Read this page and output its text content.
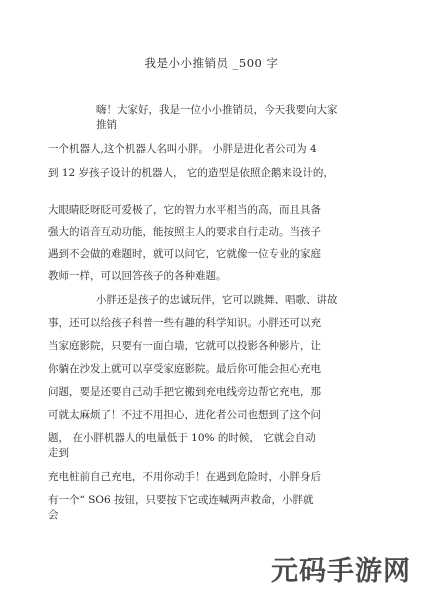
我是小小推销员 _500 字
嗨！大家好，我是一位小小推销员，今天我要向大家
推销
一个机器人,这个机器人名叫小胖。 小胖是进化者公司为 4
到 12 岁孩子设计的机器人， 它的造型是依照企鹅来设计的，
大眼睛眨呀眨可爱极了，它的智力水平相当的高，而且具备
强大的语音互动功能，能按照主人的要求自行走动。当孩子
遇到不会做的难题时，就可以问它，它就像一位专业的家庭
教师一样，可以回答孩子的各种难题。
小胖还是孩子的忠诚玩伴，它可以跳舞、唱歌、讲故
事，还可以给孩子科普一些有趣的科学知识。小胖还可以充
当家庭影院，只要有一面白墙，它就可以投影各种影片，让
你躺在沙发上就可以享受家庭影院。最后你可能会担心充电
问题，要是还要自己动手把它搬到充电线旁边帮它充电，那
可就太麻烦了！不过不用担心，进化者公司也想到了这个问
题， 在小胖机器人的电量低于 10% 的时候， 它就会自动
走到
充电桩前自己充电，不用你动手！在遇到危险时，小胖身后
有一个“ SO6 按钮，只要按下它或连喊两声救命，小胖就
会
元码手游网
